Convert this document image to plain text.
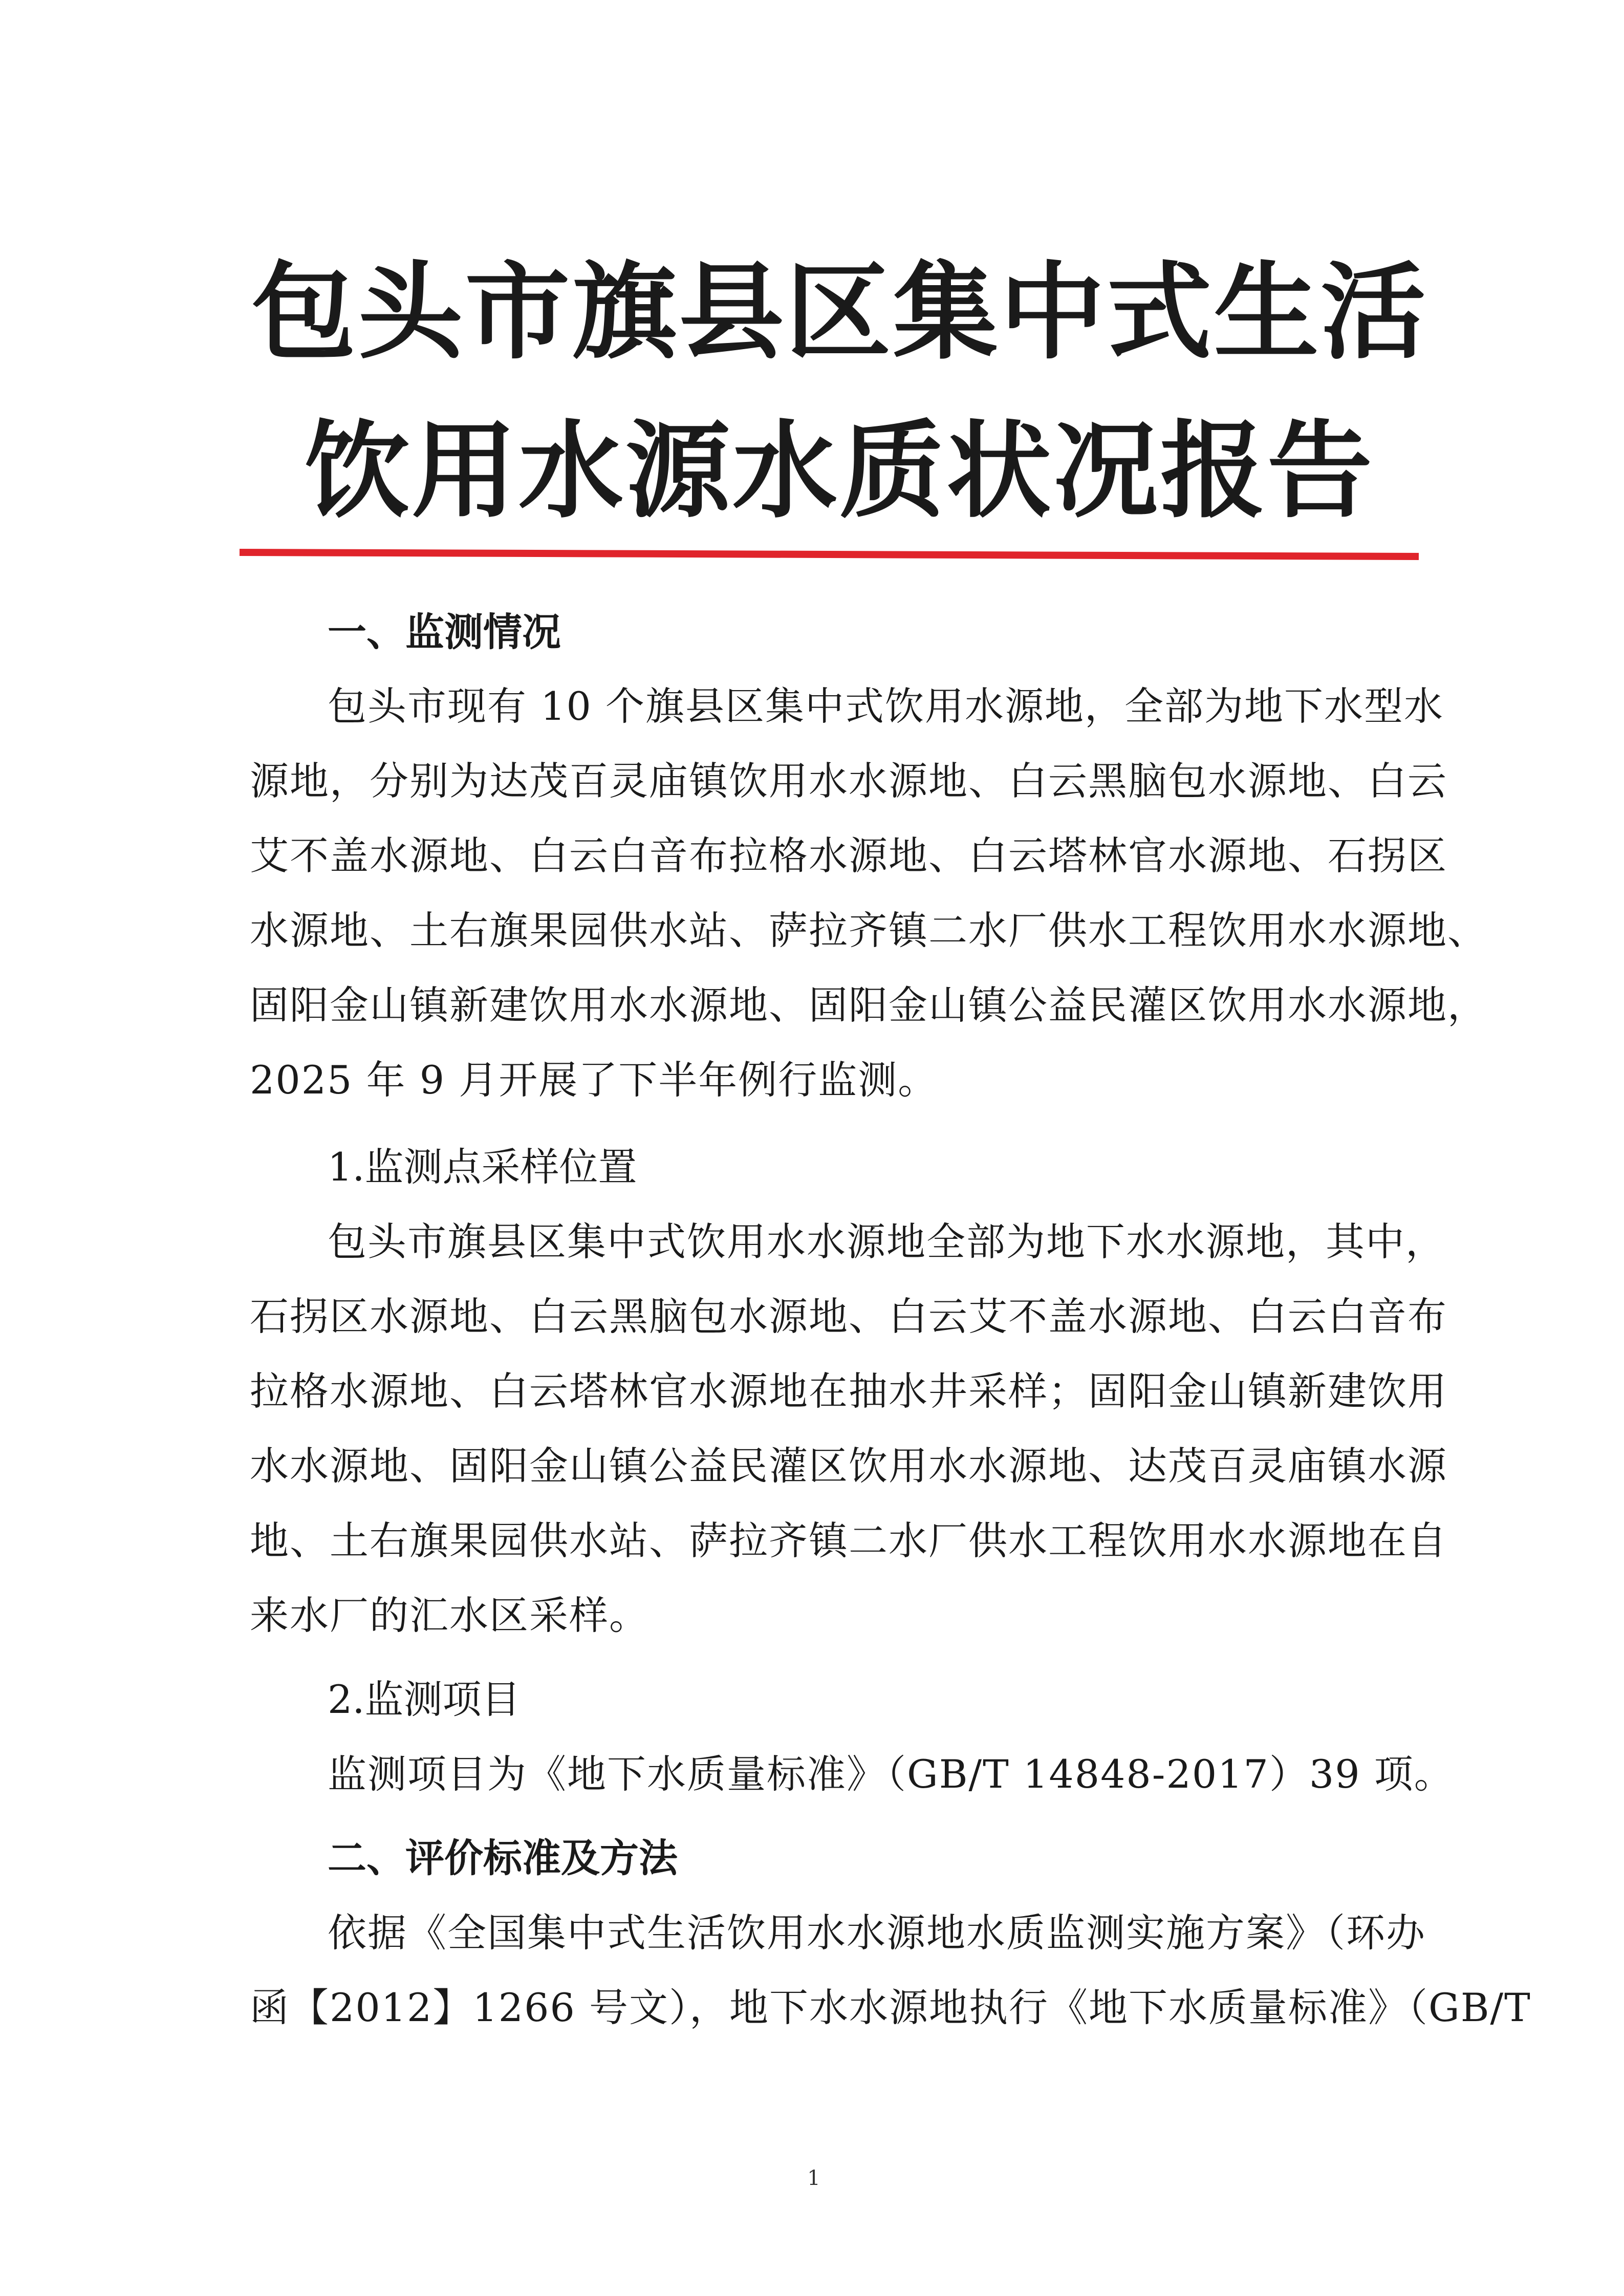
包头市旗县区集中式生活
饮用水源水质状况报告
一、监测情况
包头市现有 10 个旗县区集中式饮用水源地，全部为地下水型水
源地，分别为达茂百灵庙镇饮用水水源地、白云黑脑包水源地、白云
艾不盖水源地、白云白音布拉格水源地、白云塔林官水源地、石拐区
水源地、土右旗果园供水站、萨拉齐镇二水厂供水工程饮用水水源地、
固阳金山镇新建饮用水水源地、固阳金山镇公益民灌区饮用水水源地，
2025 年 9 月开展了下半年例行监测。
1.监测点采样位置
包头市旗县区集中式饮用水水源地全部为地下水水源地，其中，
石拐区水源地、白云黑脑包水源地、白云艾不盖水源地、白云白音布
拉格水源地、白云塔林官水源地在抽水井采样；固阳金山镇新建饮用
水水源地、固阳金山镇公益民灌区饮用水水源地、达茂百灵庙镇水源
地、土右旗果园供水站、萨拉齐镇二水厂供水工程饮用水水源地在自
来水厂的汇水区采样。
2.监测项目
监测项目为《地下水质量标准》（GB/T 14848-2017）39 项。
二、评价标准及方法
依据《全国集中式生活饮用水水源地水质监测实施方案》（环办
函【2012】1266 号文），地下水水源地执行《地下水质量标准》（GB/T
1
